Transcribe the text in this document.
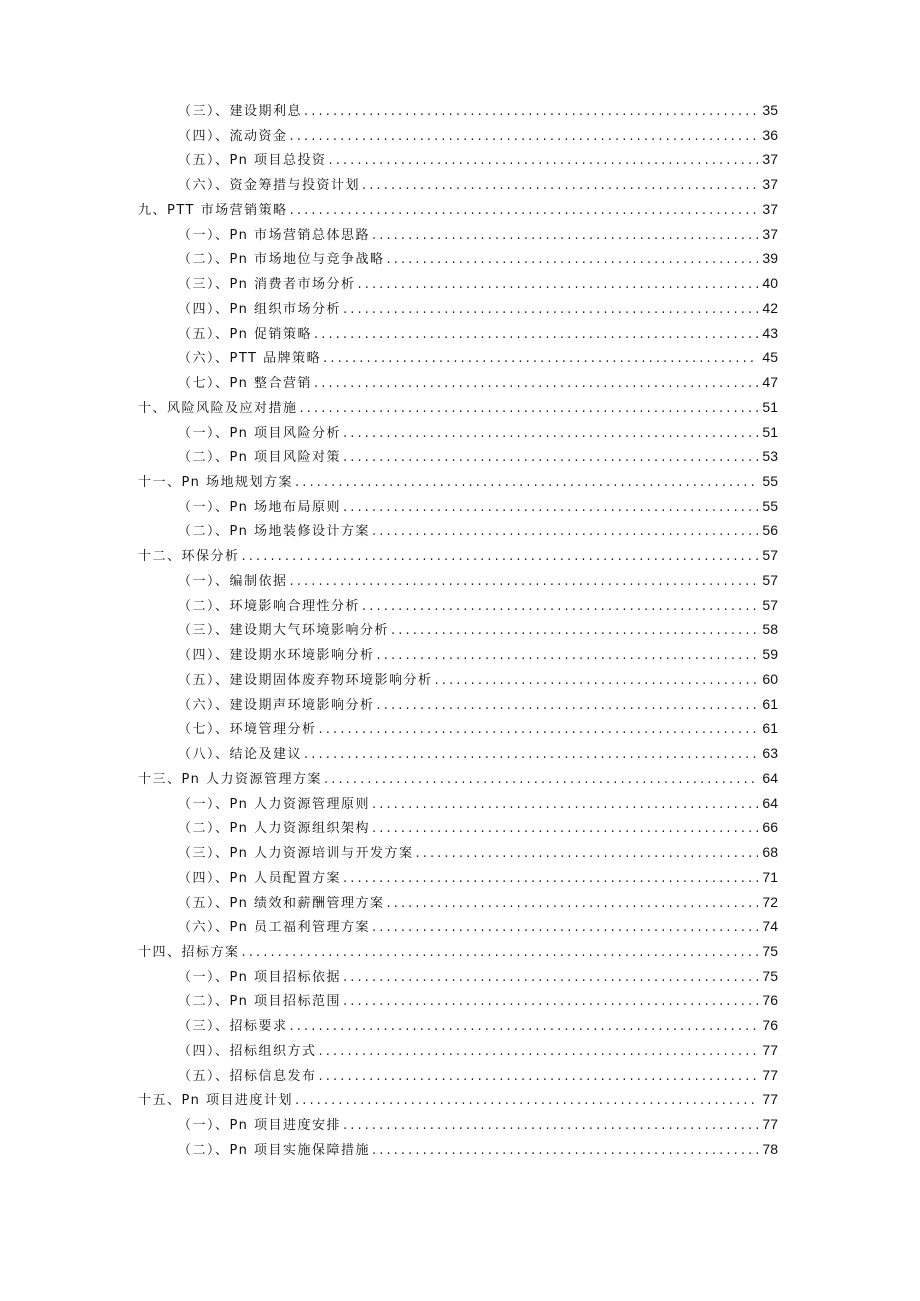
（三）、建设期利息 .....	35
（四）、流动资金 .....	36
（五）、Pn 项目总投资 .....	37
（六）、资金筹措与投资计划 .....	37
九、PTT 市场营销策略 .....	37
（一）、Pn 市场营销总体思路 .....	37
（二）、Pn 市场地位与竞争战略 .....	39
（三）、Pn 消费者市场分析 .....	40
（四）、Pn 组织市场分析 .....	42
（五）、Pn 促销策略 .....	43
（六）、PTT 品牌策略 .....	45
（七）、Pn 整合营销 .....	47
十、风险风险及应对措施 .....	51
（一）、Pn 项目风险分析 .....	51
（二）、Pn 项目风险对策 .....	53
十一、Pn 场地规划方案 .....	55
（一）、Pn 场地布局原则 .....	55
（二）、Pn 场地装修设计方案 .....	56
十二、环保分析 .....	57
（一）、编制依据 .....	57
（二）、环境影响合理性分析 .....	57
（三）、建设期大气环境影响分析 .....	58
（四）、建设期水环境影响分析 .....	59
（五）、建设期固体废弃物环境影响分析 .....	60
（六）、建设期声环境影响分析 .....	61
（七）、环境管理分析 .....	61
（八）、结论及建议 .....	63
十三、Pn 人力资源管理方案 .....	64
（一）、Pn 人力资源管理原则 .....	64
（二）、Pn 人力资源组织架构 .....	66
（三）、Pn 人力资源培训与开发方案 .....	68
（四）、Pn 人员配置方案 .....	71
（五）、Pn 绩效和薪酬管理方案 .....	72
（六）、Pn 员工福利管理方案 .....	74
十四、招标方案 .....	75
（一）、Pn 项目招标依据 .....	75
（二）、Pn 项目招标范围 .....	76
（三）、招标要求 .....	76
（四）、招标组织方式 .....	77
（五）、招标信息发布 .....	77
十五、Pn 项目进度计划 .....	77
（一）、Pn 项目进度安排 .....	77
（二）、Pn 项目实施保障措施 .....	78
